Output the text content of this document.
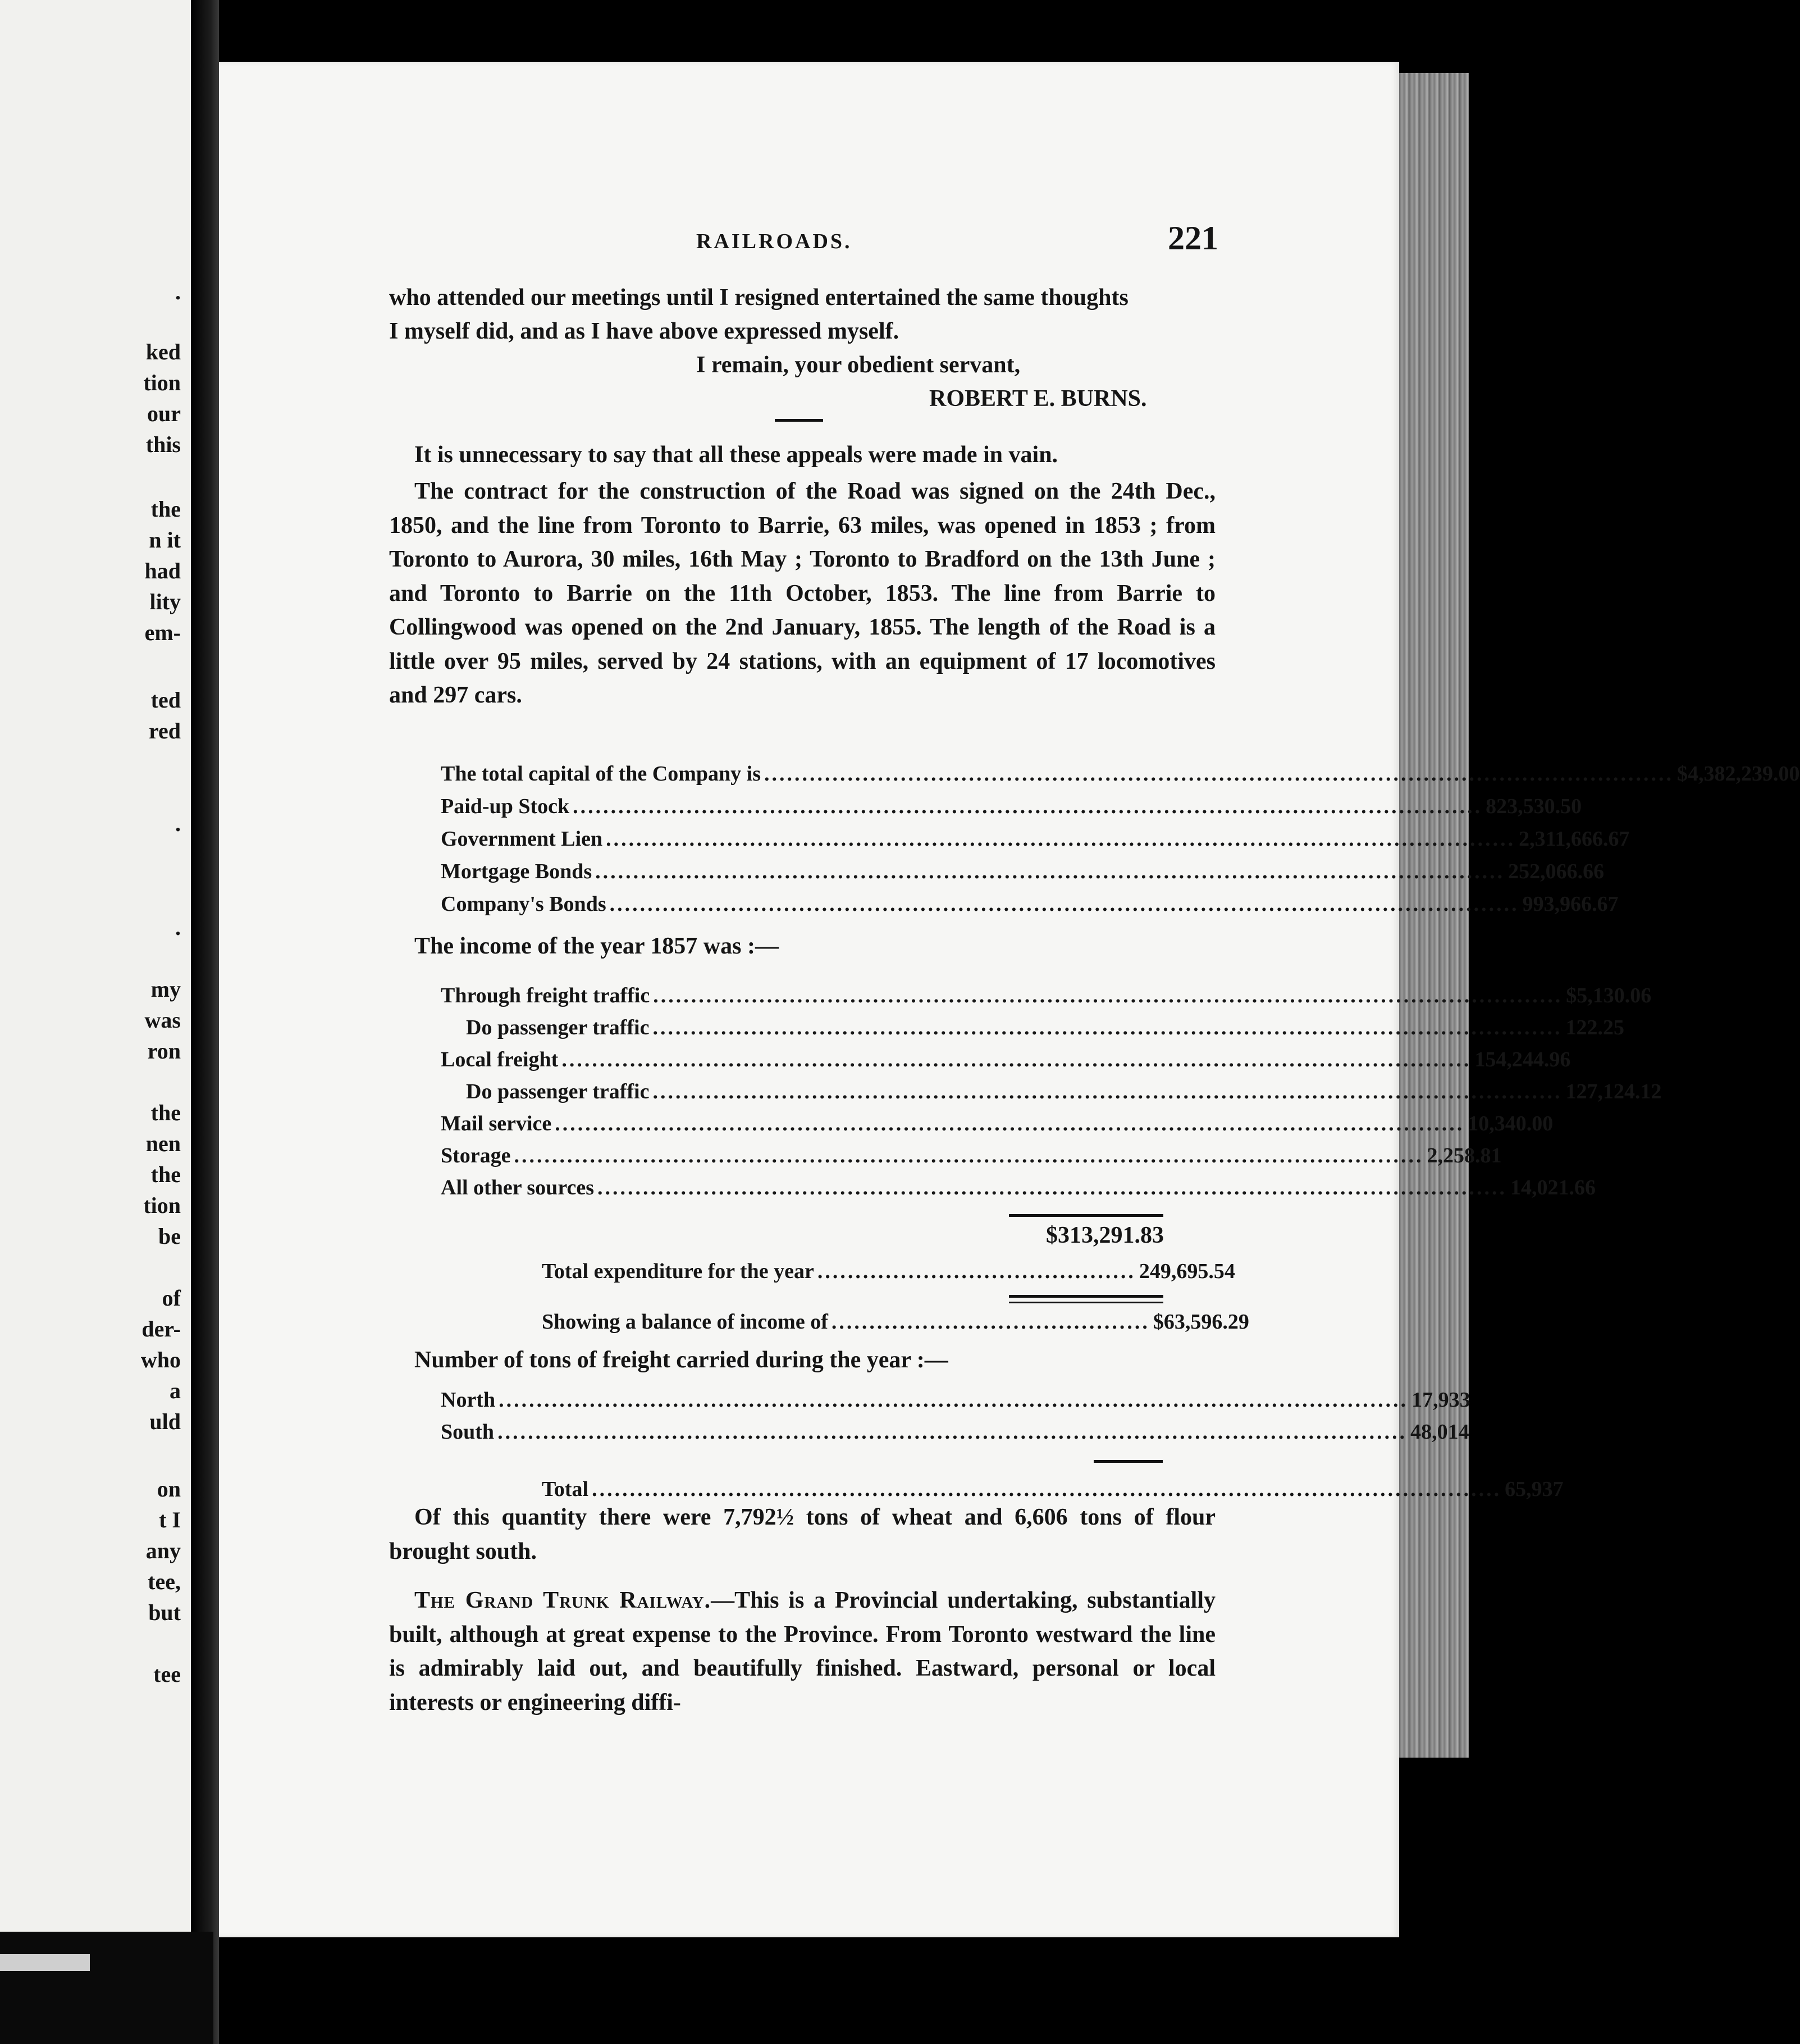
.
ked
tion
our
this
the
n it
had
lity
em-
ted
red
.
.
my
was
ron
the
nen
the
tion
be
of
der-
who
a
uld
on
t I
any
tee,
but
tee
RAILROADS.	221
who attended our meetings until I resigned entertained the same thoughts
I myself did, and as I have above expressed myself.
I remain, your obedient servant,
ROBERT E. BURNS.
It is unnecessary to say that all these appeals were made in vain.
The contract for the construction of the Road was signed on the 24th Dec., 1850, and the line from Toronto to Barrie, 63 miles, was opened in 1853 ; from Toronto to Aurora, 30 miles, 16th May ; Toronto to Bradford on the 13th June ; and Toronto to Barrie on the 11th October, 1853. The line from Barrie to Collingwood was opened on the 2nd January, 1855. The length of the Road is a little over 95 miles, served by 24 stations, with an equipment of 17 locomotives and 297 cars.
The total capital of the Company is ........................................................................................................................ $4,382,239.00
Paid-up Stock ........................................................................................................................ 823,530.50
Government Lien ........................................................................................................................ 2,311,666.67
Mortgage Bonds ........................................................................................................................ 252,066.66
Company's Bonds ........................................................................................................................ 993,966.67
The income of the year 1857 was :—
Through freight traffic ........................................................................................................................ $5,130.06
Do passenger traffic ........................................................................................................................ 122.25
Local freight ........................................................................................................................ 154,244.96
Do passenger traffic ........................................................................................................................ 127,124.12
Mail service ........................................................................................................................ 10,340.00
Storage ........................................................................................................................ 2,258.81
All other sources ........................................................................................................................ 14,021.66
$313,291.83
Total expenditure for the year .......................................... 249,695.54
Showing a balance of income of .......................................... $63,596.29
Number of tons of freight carried during the year :—
North ........................................................................................................................ 17,933
South ........................................................................................................................ 48,014
Total ........................................................................................................................ 65,937
Of this quantity there were 7,792½ tons of wheat and 6,606 tons of flour brought south.
The Grand Trunk Railway.—This is a Provincial undertaking, substantially built, although at great expense to the Province. From Toronto westward the line is admirably laid out, and beautifully finished. Eastward, personal or local interests or engineering diffi-
